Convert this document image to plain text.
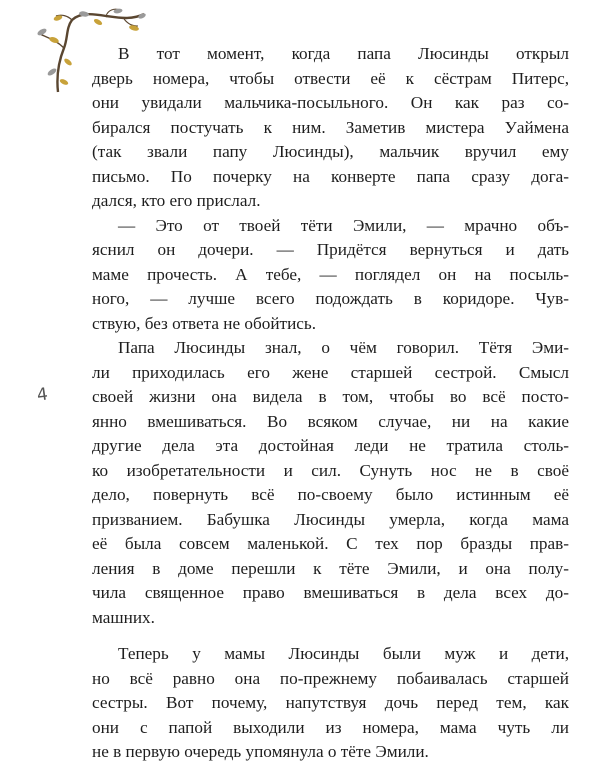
4
В тот момент, когда папа Люсинды открыл
дверь номера, чтобы отвести её к сёстрам Питерс,
они увидали мальчика-посыльного. Он как раз со-
бирался постучать к ним. Заметив мистера Уаймена
(так звали папу Люсинды), мальчик вручил ему
письмо. По почерку на конверте папа сразу дога-
дался, кто его прислал.
— Это от твоей тёти Эмили, — мрачно объ-
яснил он дочери. — Придётся вернуться и дать
маме прочесть. А тебе, — поглядел он на посыль-
ного, — лучше всего подождать в коридоре. Чув-
ствую, без ответа не обойтись.
Папа Люсинды знал, о чём говорил. Тётя Эми-
ли приходилась его жене старшей сестрой. Смысл
своей жизни она видела в том, чтобы во всё посто-
янно вмешиваться. Во всяком случае, ни на какие
другие дела эта достойная леди не тратила столь-
ко изобретательности и сил. Сунуть нос не в своё
дело, повернуть всё по-своему было истинным её
призванием. Бабушка Люсинды умерла, когда мама
её была совсем маленькой. С тех пор бразды прав-
ления в доме перешли к тёте Эмили, и она полу-
чила священное право вмешиваться в дела всех до-
машних.
Теперь у мамы Люсинды были муж и дети,
но всё равно она по-прежнему побаивалась старшей
сестры. Вот почему, напутствуя дочь перед тем, как
они с папой выходили из номера, мама чуть ли
не в первую очередь упомянула о тёте Эмили.
